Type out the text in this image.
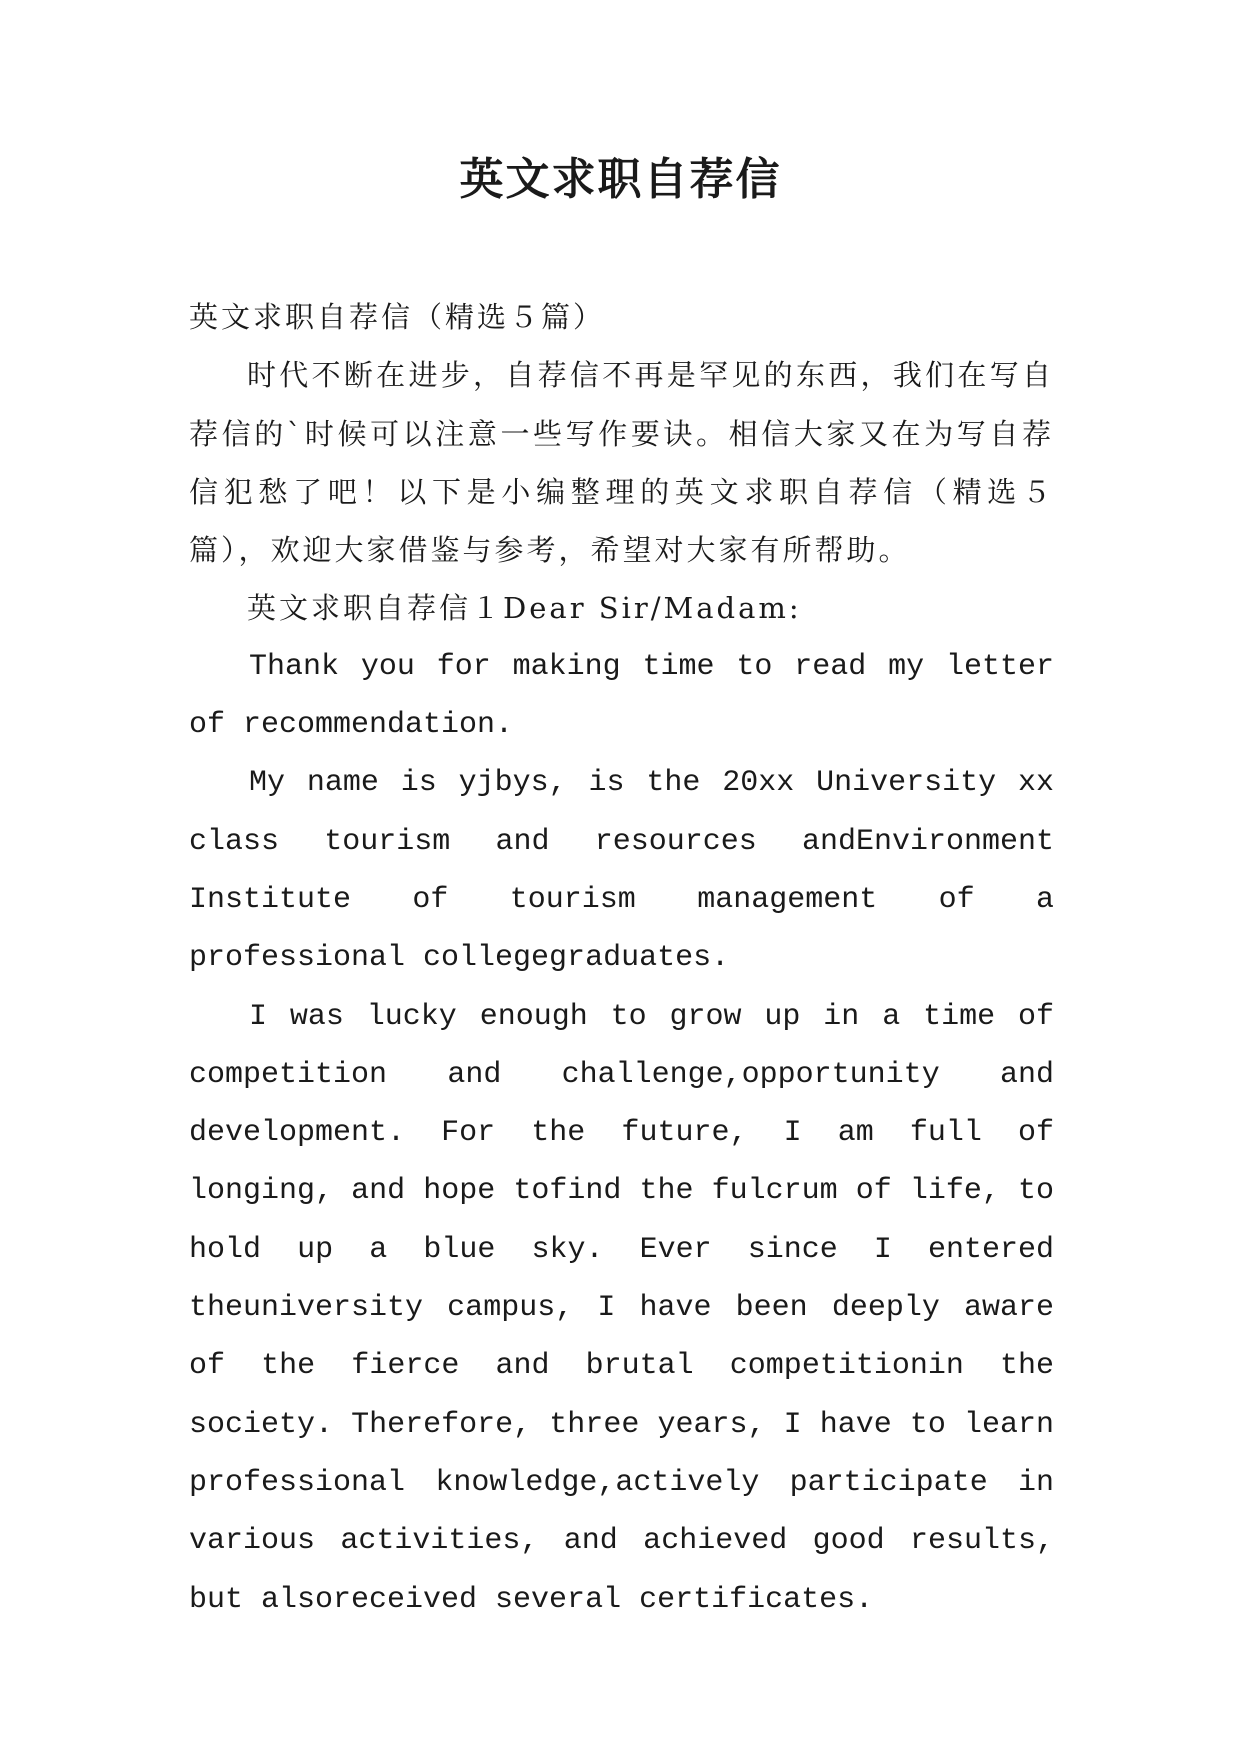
英文求职自荐信

英文求职自荐信（精选５篇）

时代不断在进步，自荐信不再是罕见的东西，我们在写自荐信的`时候可以注意一些写作要诀。相信大家又在为写自荐信犯愁了吧！以下是小编整理的英文求职自荐信（精选５篇），欢迎大家借鉴与参考，希望对大家有所帮助。

英文求职自荐信１Dear Sir/Madam:

Thank you for making time to read my letter of recommendation.

My name is yjbys, is the 20xx University xx class tourism and resources andEnvironment Institute of tourism management of a professional collegegraduates.

I was lucky enough to grow up in a time of competition and challenge,opportunity and development. For the future, I am full of longing, and hope tofind the fulcrum of life, to hold up a blue sky. Ever since I entered theuniversity campus, I have been deeply aware of the fierce and brutal competitionin the society. Therefore, three years, I have to learn professional knowledge,actively participate in various activities, and achieved good results, but alsoreceived several certificates.
